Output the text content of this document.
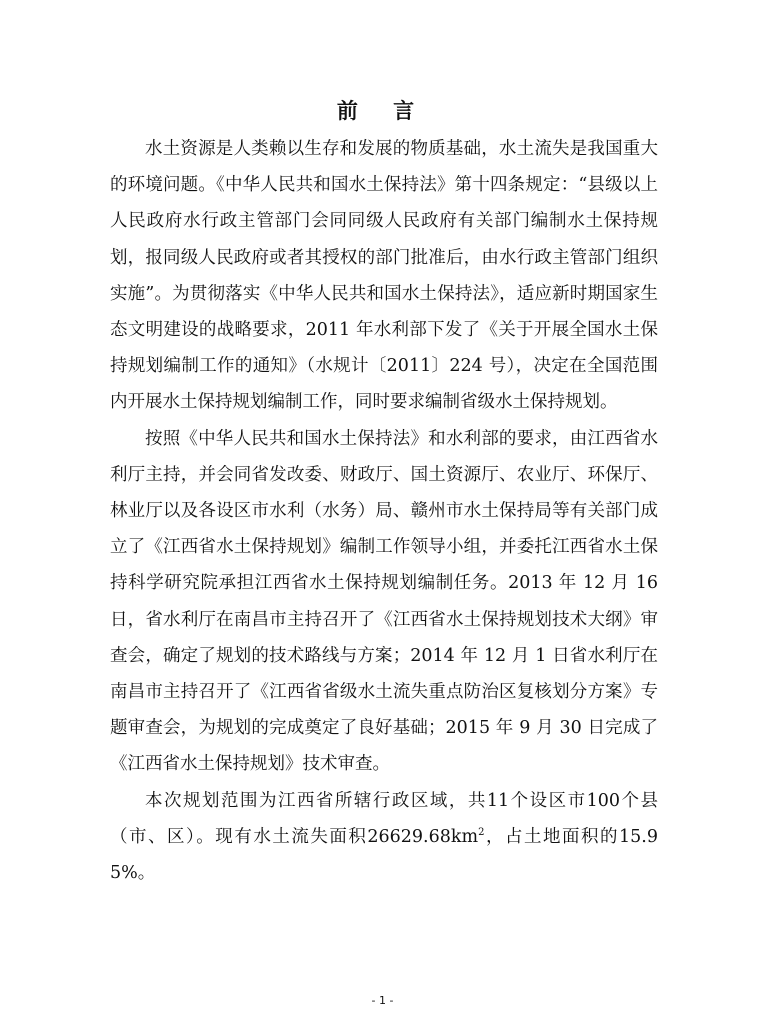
前 言

水土资源是人类赖以生存和发展的物质基础，水土流失是我国重大的环境问题。《中华人民共和国水土保持法》第十四条规定：“县级以上人民政府水行政主管部门会同同级人民政府有关部门编制水土保持规划，报同级人民政府或者其授权的部门批准后，由水行政主管部门组织实施”。为贯彻落实《中华人民共和国水土保持法》，适应新时期国家生态文明建设的战略要求，2011 年水利部下发了《关于开展全国水土保持规划编制工作的通知》（水规计〔2011〕224 号），决定在全国范围内开展水土保持规划编制工作，同时要求编制省级水土保持规划。

按照《中华人民共和国水土保持法》和水利部的要求，由江西省水利厅主持，并会同省发改委、财政厅、国土资源厅、农业厅、环保厅、林业厅以及各设区市水利（水务）局、赣州市水土保持局等有关部门成立了《江西省水土保持规划》编制工作领导小组，并委托江西省水土保持科学研究院承担江西省水土保持规划编制任务。2013 年 12 月 16 日，省水利厅在南昌市主持召开了《江西省水土保持规划技术大纲》审查会，确定了规划的技术路线与方案；2014 年 12 月 1 日省水利厅在南昌市主持召开了《江西省省级水土流失重点防治区复核划分方案》专题审查会，为规划的完成奠定了良好基础；2015 年 9 月 30 日完成了《江西省水土保持规划》技术审查。

本次规划范围为江西省所辖行政区域，共11个设区市100个县（市、区）。现有水土流失面积$26629.68km^2$，占土地面积的15.95%。

- 1 -
